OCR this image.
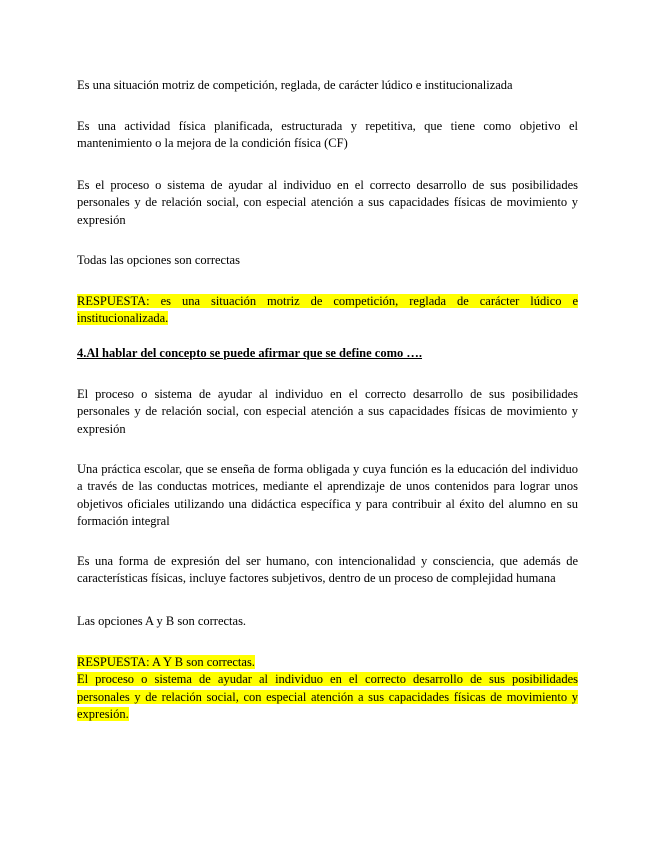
Es una situación motriz de competición, reglada, de carácter lúdico e institucionalizada

Es una actividad física planificada, estructurada y repetitiva, que tiene como objetivo el mantenimiento o la mejora de la condición física (CF)

Es el proceso o sistema de ayudar al individuo en el correcto desarrollo de sus posibilidades personales y de relación social, con especial atención a sus capacidades físicas de movimiento y expresión

Todas las opciones son correctas

RESPUESTA: es una situación motriz de competición, reglada de carácter lúdico e institucionalizada.

4.Al hablar del concepto se puede afirmar que se define como ….

El proceso o sistema de ayudar al individuo en el correcto desarrollo de sus posibilidades personales y de relación social, con especial atención a sus capacidades físicas de movimiento y expresión

Una práctica escolar, que se enseña de forma obligada y cuya función es la educación del individuo a través de las conductas motrices, mediante el aprendizaje de unos contenidos para lograr unos objetivos oficiales utilizando una didáctica específica y para contribuir al éxito del alumno en su formación integral

Es una forma de expresión del ser humano, con intencionalidad y consciencia, que además de características físicas, incluye factores subjetivos, dentro de un proceso de complejidad humana

Las opciones A y B son correctas.

RESPUESTA: A Y B son correctas.
El proceso o sistema de ayudar al individuo en el correcto desarrollo de sus posibilidades personales y de relación social, con especial atención a sus capacidades físicas de movimiento y expresión.
